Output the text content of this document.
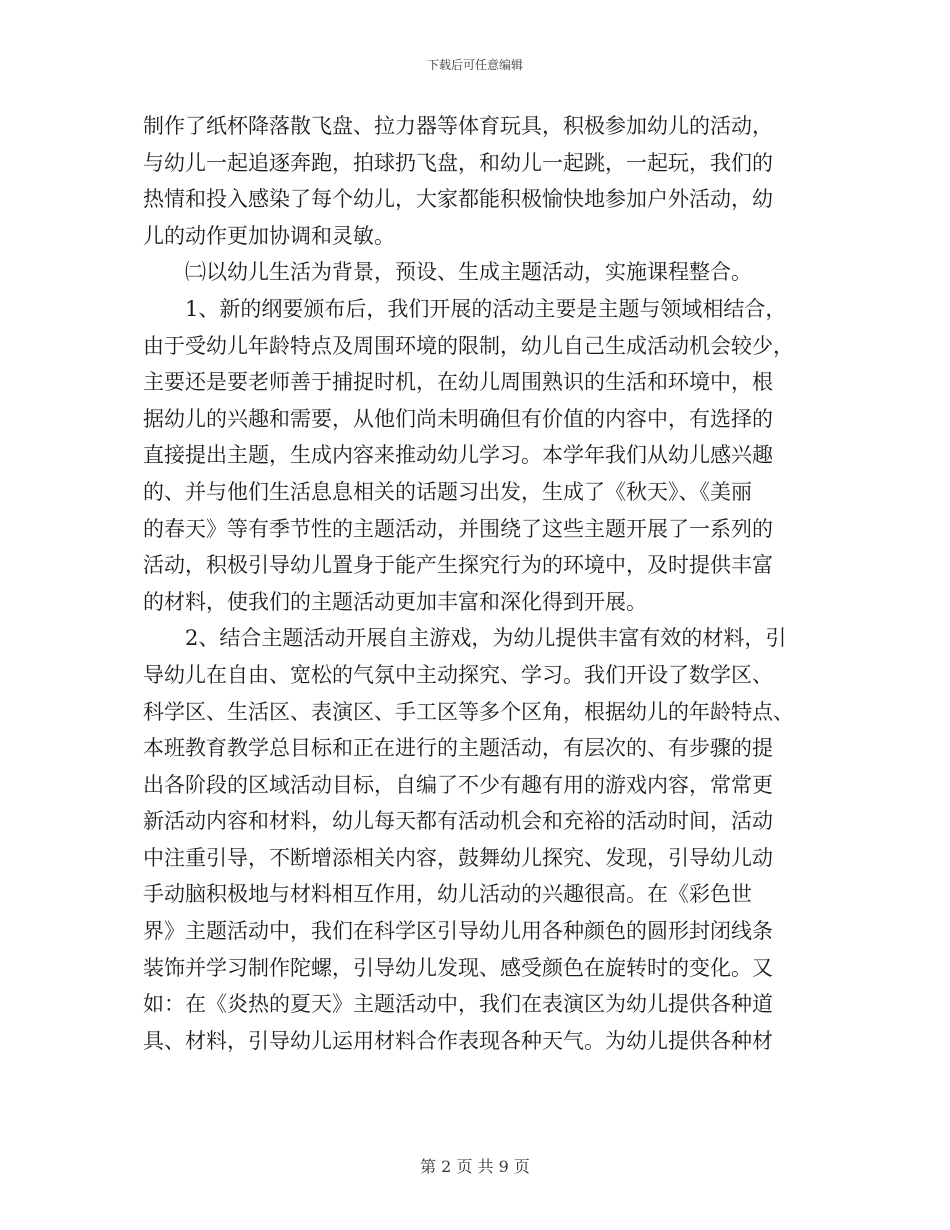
下载后可任意编辑
制作了纸杯降落散飞盘、拉力器等体育玩具，积极参加幼儿的活动，
与幼儿一起追逐奔跑，拍球扔飞盘，和幼儿一起跳，一起玩，我们的
热情和投入感染了每个幼儿，大家都能积极愉快地参加户外活动，幼
儿的动作更加协调和灵敏。
㈡以幼儿生活为背景，预设、生成主题活动，实施课程整合。
1、新的纲要颁布后，我们开展的活动主要是主题与领域相结合，
由于受幼儿年龄特点及周围环境的限制，幼儿自己生成活动机会较少，
主要还是要老师善于捕捉时机，在幼儿周围熟识的生活和环境中，根
据幼儿的兴趣和需要，从他们尚未明确但有价值的内容中，有选择的
直接提出主题，生成内容来推动幼儿学习。本学年我们从幼儿感兴趣
的、并与他们生活息息相关的话题习出发，生成了《秋天》、《美丽
的春天》等有季节性的主题活动，并围绕了这些主题开展了一系列的
活动，积极引导幼儿置身于能产生探究行为的环境中，及时提供丰富
的材料，使我们的主题活动更加丰富和深化得到开展。
2、结合主题活动开展自主游戏，为幼儿提供丰富有效的材料，引
导幼儿在自由、宽松的气氛中主动探究、学习。我们开设了数学区、
科学区、生活区、表演区、手工区等多个区角，根据幼儿的年龄特点、
本班教育教学总目标和正在进行的主题活动，有层次的、有步骤的提
出各阶段的区域活动目标，自编了不少有趣有用的游戏内容，常常更
新活动内容和材料，幼儿每天都有活动机会和充裕的活动时间，活动
中注重引导，不断增添相关内容，鼓舞幼儿探究、发现，引导幼儿动
手动脑积极地与材料相互作用，幼儿活动的兴趣很高。在《彩色世
界》主题活动中，我们在科学区引导幼儿用各种颜色的圆形封闭线条
装饰并学习制作陀螺，引导幼儿发现、感受颜色在旋转时的变化。又
如：在《炎热的夏天》主题活动中，我们在表演区为幼儿提供各种道
具、材料，引导幼儿运用材料合作表现各种天气。为幼儿提供各种材
第 2 页 共 9 页
